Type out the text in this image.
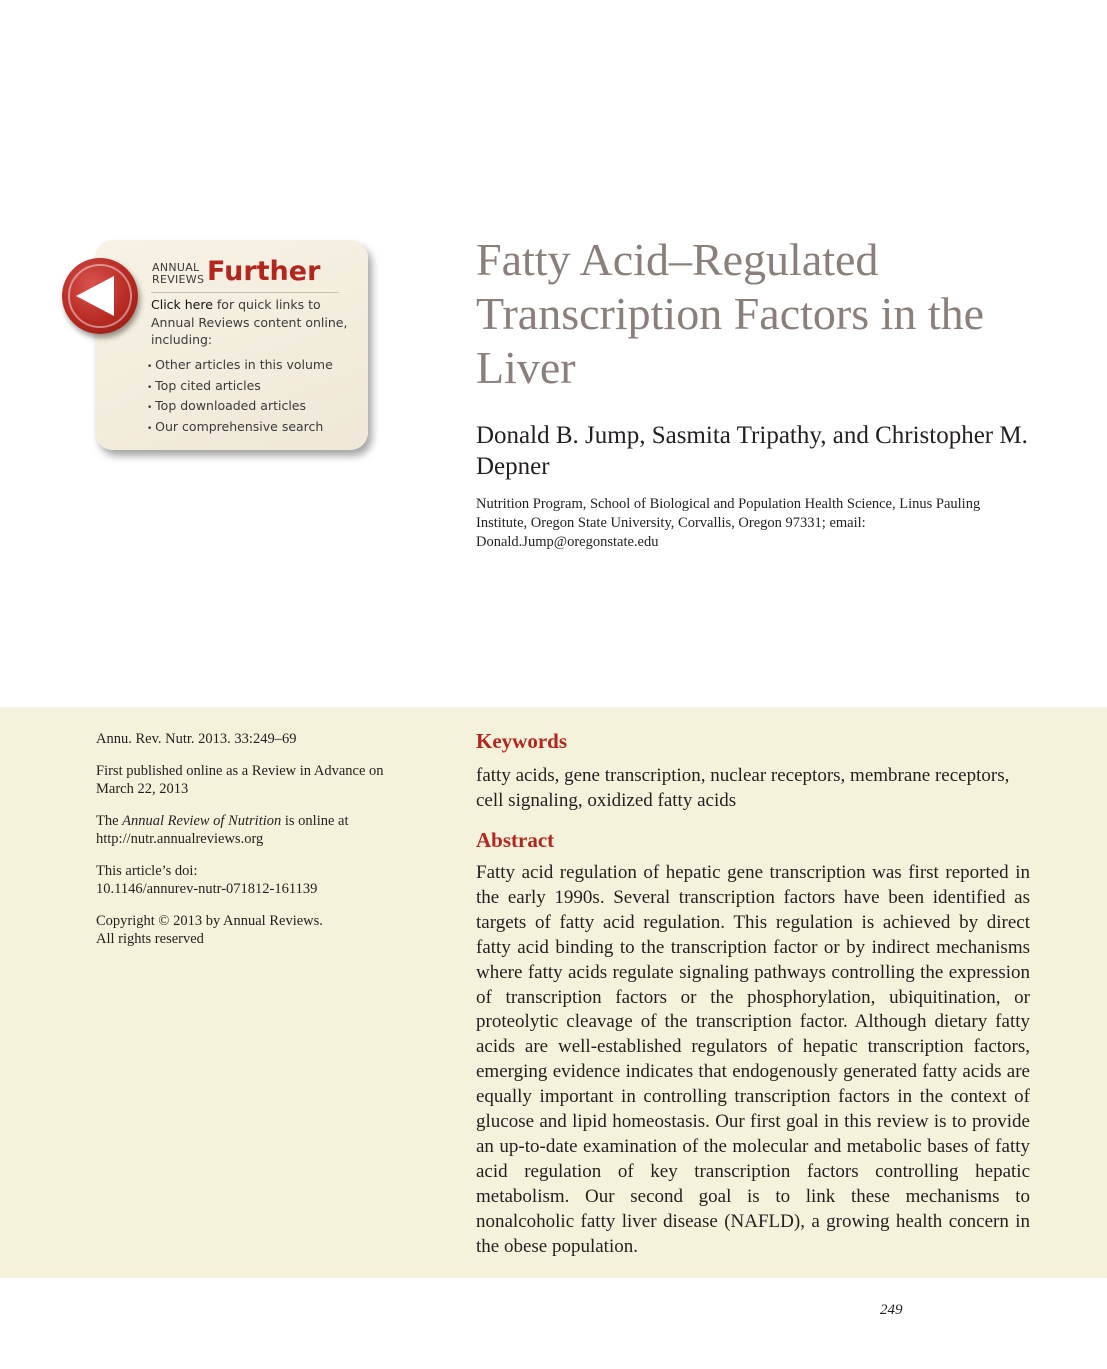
ANNUAL
REVIEWS Further
Click here for quick links to Annual Reviews content online, including:
• Other articles in this volume
• Top cited articles
• Top downloaded articles
• Our comprehensive search
Fatty Acid–Regulated Transcription Factors in the Liver

Donald B. Jump, Sasmita Tripathy, and Christopher M. Depner

Nutrition Program, School of Biological and Population Health Science, Linus Pauling Institute, Oregon State University, Corvallis, Oregon 97331; email: Donald.Jump@oregonstate.edu

Annu. Rev. Nutr. 2013. 33:249–69

First published online as a Review in Advance on March 22, 2013

The Annual Review of Nutrition is online at http://nutr.annualreviews.org

This article’s doi:
10.1146/annurev-nutr-071812-161139

Copyright © 2013 by Annual Reviews.
All rights reserved

Keywords

fatty acids, gene transcription, nuclear receptors, membrane receptors, cell signaling, oxidized fatty acids

Abstract

Fatty acid regulation of hepatic gene transcription was first reported in the early 1990s. Several transcription factors have been identified as targets of fatty acid regulation. This regulation is achieved by direct fatty acid binding to the transcription factor or by indirect mechanisms where fatty acids regulate signaling pathways controlling the expression of transcription factors or the phosphorylation, ubiquitination, or proteolytic cleavage of the transcription factor. Although dietary fatty acids are well-established regulators of hepatic transcription factors, emerging evidence indicates that endogenously generated fatty acids are equally important in controlling transcription factors in the context of glucose and lipid homeostasis. Our first goal in this review is to provide an up-to-date examination of the molecular and metabolic bases of fatty acid regulation of key transcription factors controlling hepatic metabolism. Our second goal is to link these mechanisms to nonalcoholic fatty liver disease (NAFLD), a growing health concern in the obese population.

249
